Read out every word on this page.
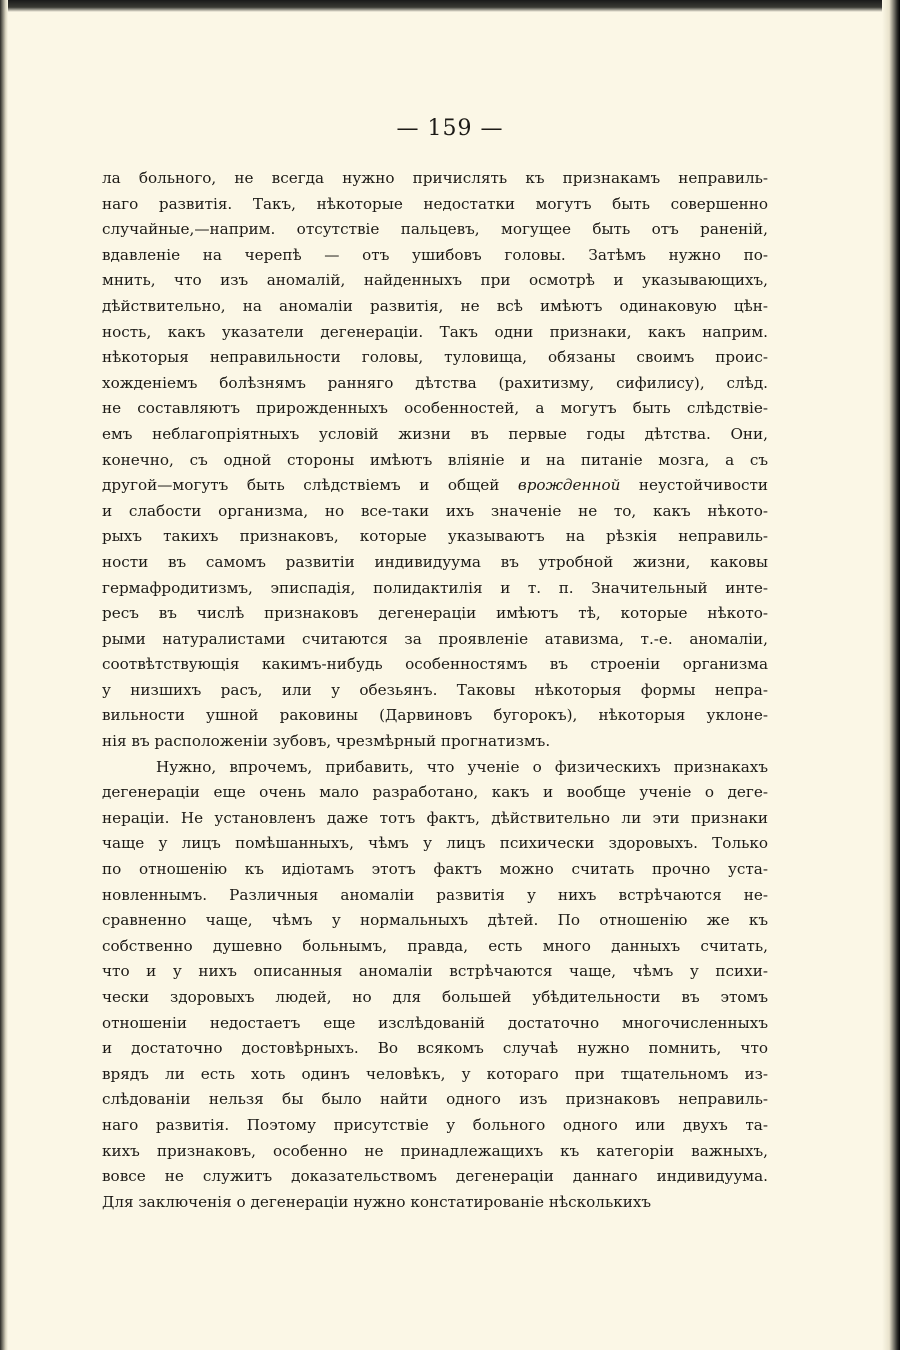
— 159 —
ла больного, не всегда нужно причислять къ признакамъ неправиль-
наго развитія. Такъ, нѣкоторые недостатки могутъ быть совершенно
случайные,—наприм. отсутствіе пальцевъ, могущее быть отъ раненій,
вдавленіе на черепѣ — отъ ушибовъ головы. Затѣмъ нужно по-
мнить, что изъ аномалій, найденныхъ при осмотрѣ и указывающихъ,
дѣйствительно, на аномаліи развитія, не всѣ имѣютъ одинаковую цѣн-
ность, какъ указатели дегенераціи. Такъ одни признаки, какъ наприм.
нѣкоторыя неправильности головы, туловища, обязаны своимъ проис-
хожденіемъ болѣзнямъ ранняго дѣтства (рахитизму, сифилису), слѣд.
не составляютъ прирожденныхъ особенностей, а могутъ быть слѣдствіе-
емъ неблагопріятныхъ условій жизни въ первые годы дѣтства. Они,
конечно, съ одной стороны имѣютъ вліяніе и на питаніе мозга, а съ
другой—могутъ быть слѣдствіемъ и общей врожденной неустойчивости
и слабости организма, но все-таки ихъ значеніе не то, какъ нѣкото-
рыхъ такихъ признаковъ, которые указываютъ на рѣзкія неправиль-
ности въ самомъ развитіи индивидуума въ утробной жизни, каковы
гермафродитизмъ, эписпадія, полидактилія и т. п. Значительный инте-
ресъ въ числѣ признаковъ дегенераціи имѣютъ тѣ, которые нѣкото-
рыми натуралистами считаются за проявленіе атавизма, т.-е. аномаліи,
соотвѣтствующія какимъ-нибудь особенностямъ въ строеніи организма
у низшихъ расъ, или у обезьянъ. Таковы нѣкоторыя формы непра-
вильности ушной раковины (Дарвиновъ бугорокъ), нѣкоторыя уклоне-
нія въ расположеніи зубовъ, чрезмѣрный прогнатизмъ.
Нужно, впрочемъ, прибавить, что ученіе о физическихъ признакахъ
дегенераціи еще очень мало разработано, какъ и вообще ученіе о деге-
нераціи. Не установленъ даже тотъ фактъ, дѣйствительно ли эти признаки
чаще у лицъ помѣшанныхъ, чѣмъ у лицъ психически здоровыхъ. Только
по отношенію къ идіотамъ этотъ фактъ можно считать прочно уста-
новленнымъ. Различныя аномаліи развитія у нихъ встрѣчаются не-
сравненно чаще, чѣмъ у нормальныхъ дѣтей. По отношенію же къ
собственно душевно больнымъ, правда, есть много данныхъ считать,
что и у нихъ описанныя аномаліи встрѣчаются чаще, чѣмъ у психи-
чески здоровыхъ людей, но для большей убѣдительности въ этомъ
отношеніи недостаетъ еще изслѣдованій достаточно многочисленныхъ
и достаточно достовѣрныхъ. Во всякомъ случаѣ нужно помнить, что
врядъ ли есть хоть одинъ человѣкъ, у котораго при тщательномъ из-
слѣдованіи нельзя бы было найти одного изъ признаковъ неправиль-
наго развитія. Поэтому присутствіе у больного одного или двухъ та-
кихъ признаковъ, особенно не принадлежащихъ къ категоріи важныхъ,
вовсе не служитъ доказательствомъ дегенераціи даннаго индивидуума.
Для заключенія о дегенераціи нужно констатированіе нѣсколькихъ
